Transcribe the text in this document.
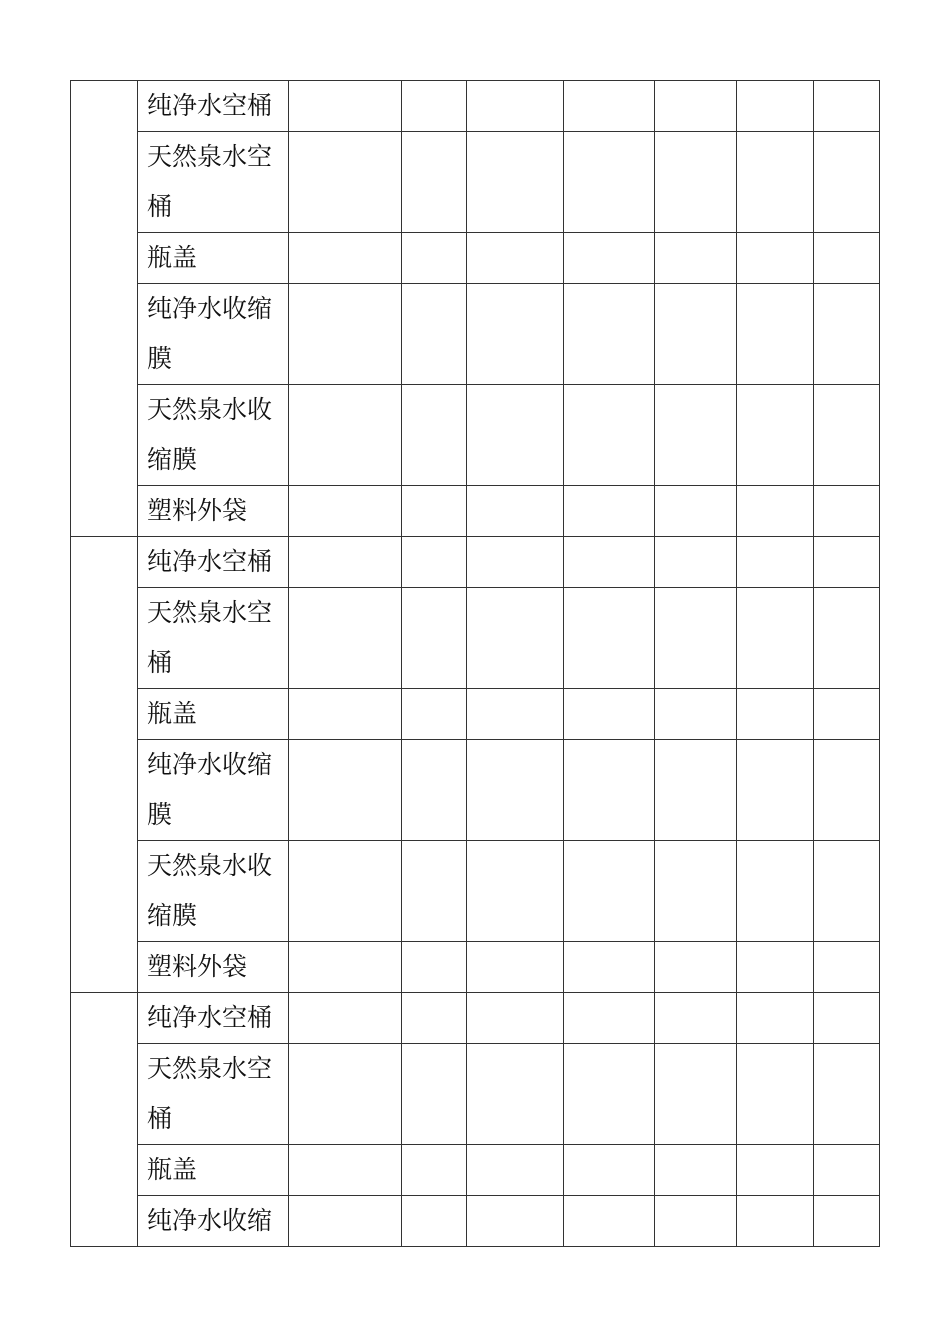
	纯净水空桶							
	天然泉水空桶							
	瓶盖							
	纯净水收缩膜							
	天然泉水收缩膜							
	塑料外袋							
	纯净水空桶							
	天然泉水空桶							
	瓶盖							
	纯净水收缩膜							
	天然泉水收缩膜							
	塑料外袋							
	纯净水空桶							
	天然泉水空桶							
	瓶盖							
	纯净水收缩							
